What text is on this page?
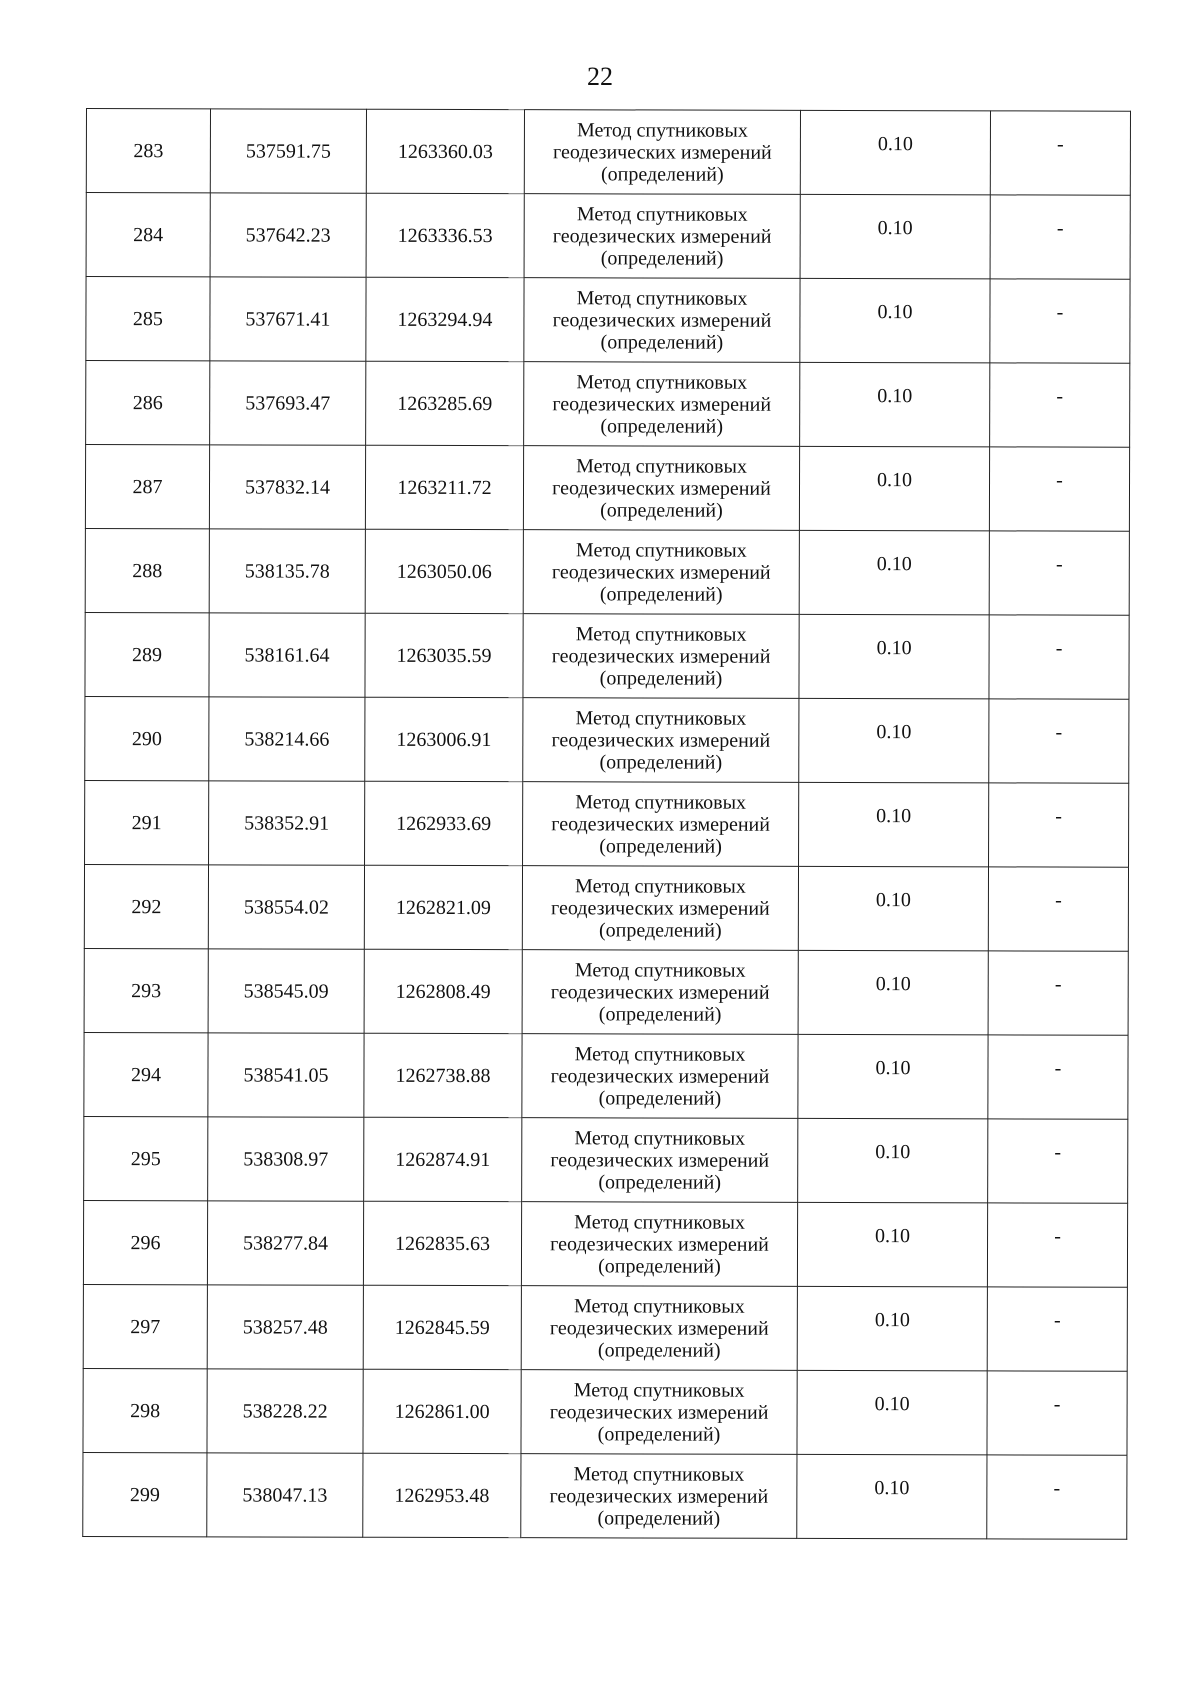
22
283	537591.75	1263360.03	Метод спутниковых
геодезических измерений
(определений)	0.10	-
284	537642.23	1263336.53	Метод спутниковых
геодезических измерений
(определений)	0.10	-
285	537671.41	1263294.94	Метод спутниковых
геодезических измерений
(определений)	0.10	-
286	537693.47	1263285.69	Метод спутниковых
геодезических измерений
(определений)	0.10	-
287	537832.14	1263211.72	Метод спутниковых
геодезических измерений
(определений)	0.10	-
288	538135.78	1263050.06	Метод спутниковых
геодезических измерений
(определений)	0.10	-
289	538161.64	1263035.59	Метод спутниковых
геодезических измерений
(определений)	0.10	-
290	538214.66	1263006.91	Метод спутниковых
геодезических измерений
(определений)	0.10	-
291	538352.91	1262933.69	Метод спутниковых
геодезических измерений
(определений)	0.10	-
292	538554.02	1262821.09	Метод спутниковых
геодезических измерений
(определений)	0.10	-
293	538545.09	1262808.49	Метод спутниковых
геодезических измерений
(определений)	0.10	-
294	538541.05	1262738.88	Метод спутниковых
геодезических измерений
(определений)	0.10	-
295	538308.97	1262874.91	Метод спутниковых
геодезических измерений
(определений)	0.10	-
296	538277.84	1262835.63	Метод спутниковых
геодезических измерений
(определений)	0.10	-
297	538257.48	1262845.59	Метод спутниковых
геодезических измерений
(определений)	0.10	-
298	538228.22	1262861.00	Метод спутниковых
геодезических измерений
(определений)	0.10	-
299	538047.13	1262953.48	Метод спутниковых
геодезических измерений
(определений)	0.10	-
